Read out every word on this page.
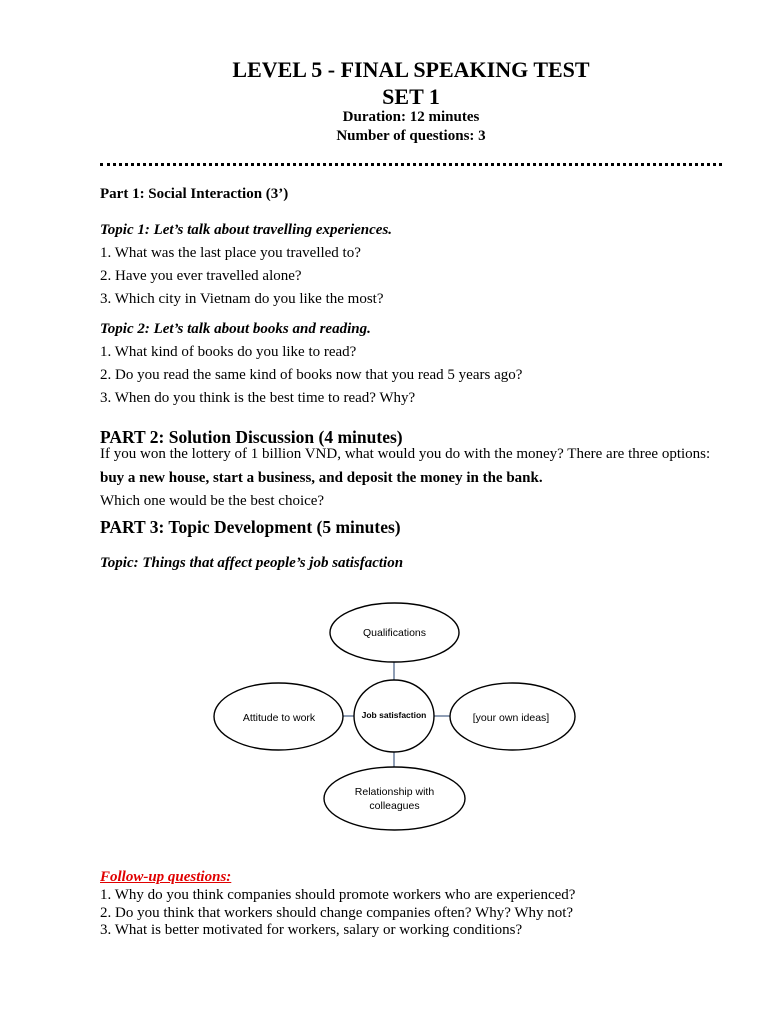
LEVEL 5 - FINAL SPEAKING TEST
SET 1
Duration: 12 minutes
Number of questions: 3
Part 1: Social Interaction (3’)
Topic 1: Let’s talk about travelling experiences.
1. What was the last place you travelled to?
2. Have you ever travelled alone?
3. Which city in Vietnam do you like the most?
Topic 2: Let’s talk about books and reading.
1. What kind of books do you like to read?
2. Do you read the same kind of books now that you read 5 years ago?
3. When do you think is the best time to read? Why?
PART 2: Solution Discussion (4 minutes)
If you won the lottery of 1 billion VND, what would you do with the money? There are three options:
buy a new house, start a business, and deposit the money in the bank.
Which one would be the best choice?
PART 3: Topic Development (5 minutes)
Topic: Things that affect people’s job satisfaction
Qualifications
Attitude to work	Job satisfaction	[your own ideas]
Relationship with
colleagues
Follow-up questions:
1. Why do you think companies should promote workers who are experienced?
2. Do you think that workers should change companies often? Why? Why not?
3. What is better motivated for workers, salary or working conditions?
